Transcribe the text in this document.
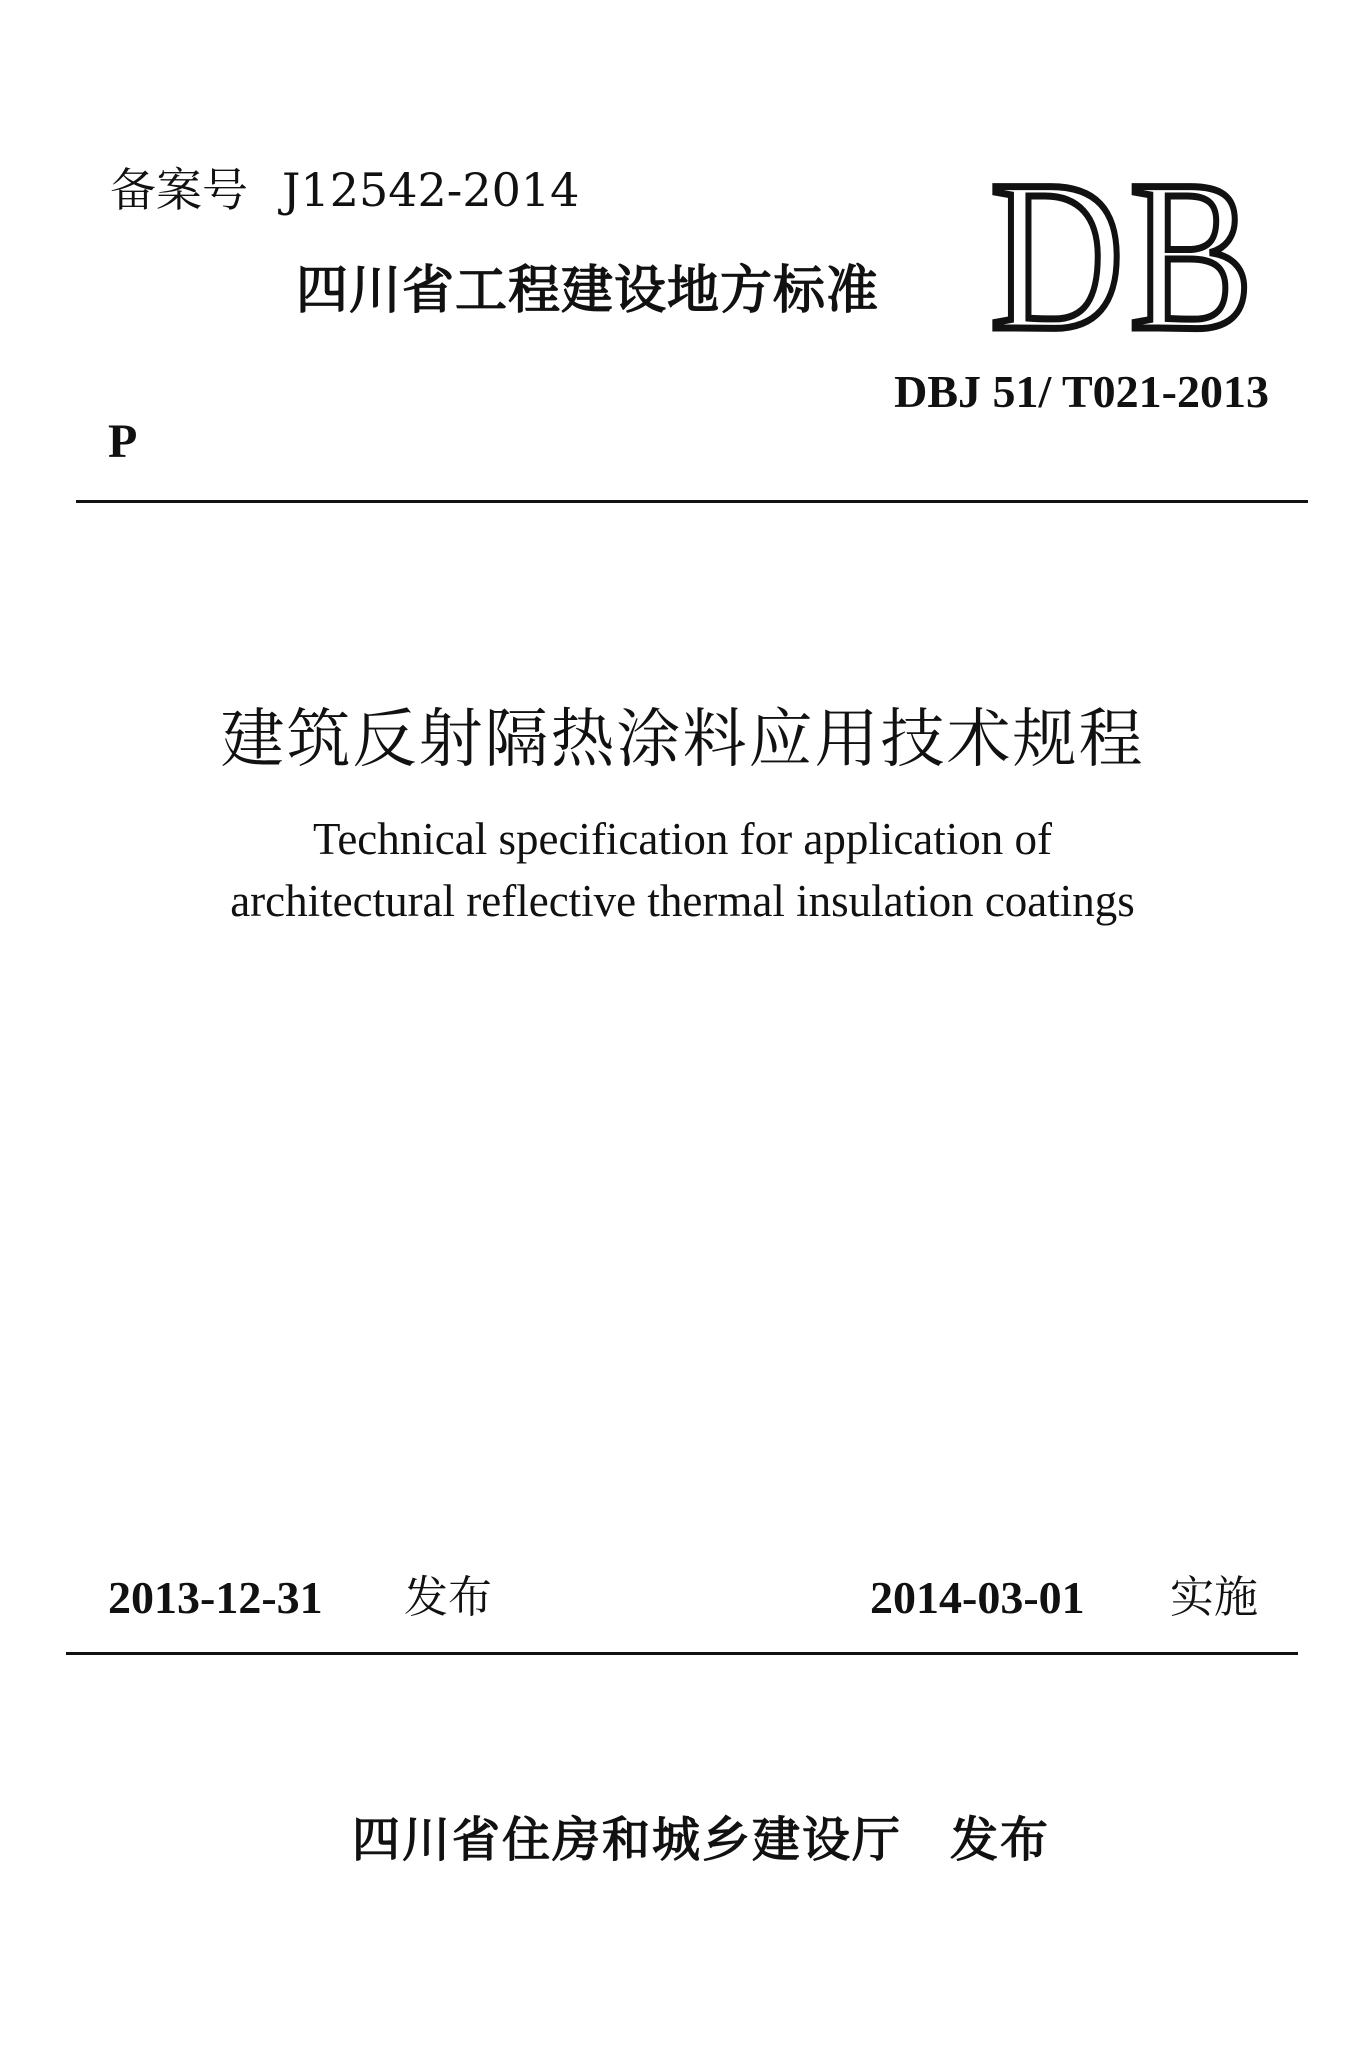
备案号 J12542-2014
四川省工程建设地方标准 DB
DBJ 51/ T021-2013
P
建筑反射隔热涂料应用技术规程
Technical specification for application of
architectural reflective thermal insulation coatings
2013-12-31 发布	2014-03-01 实施
四川省住房和城乡建设厅 发布
